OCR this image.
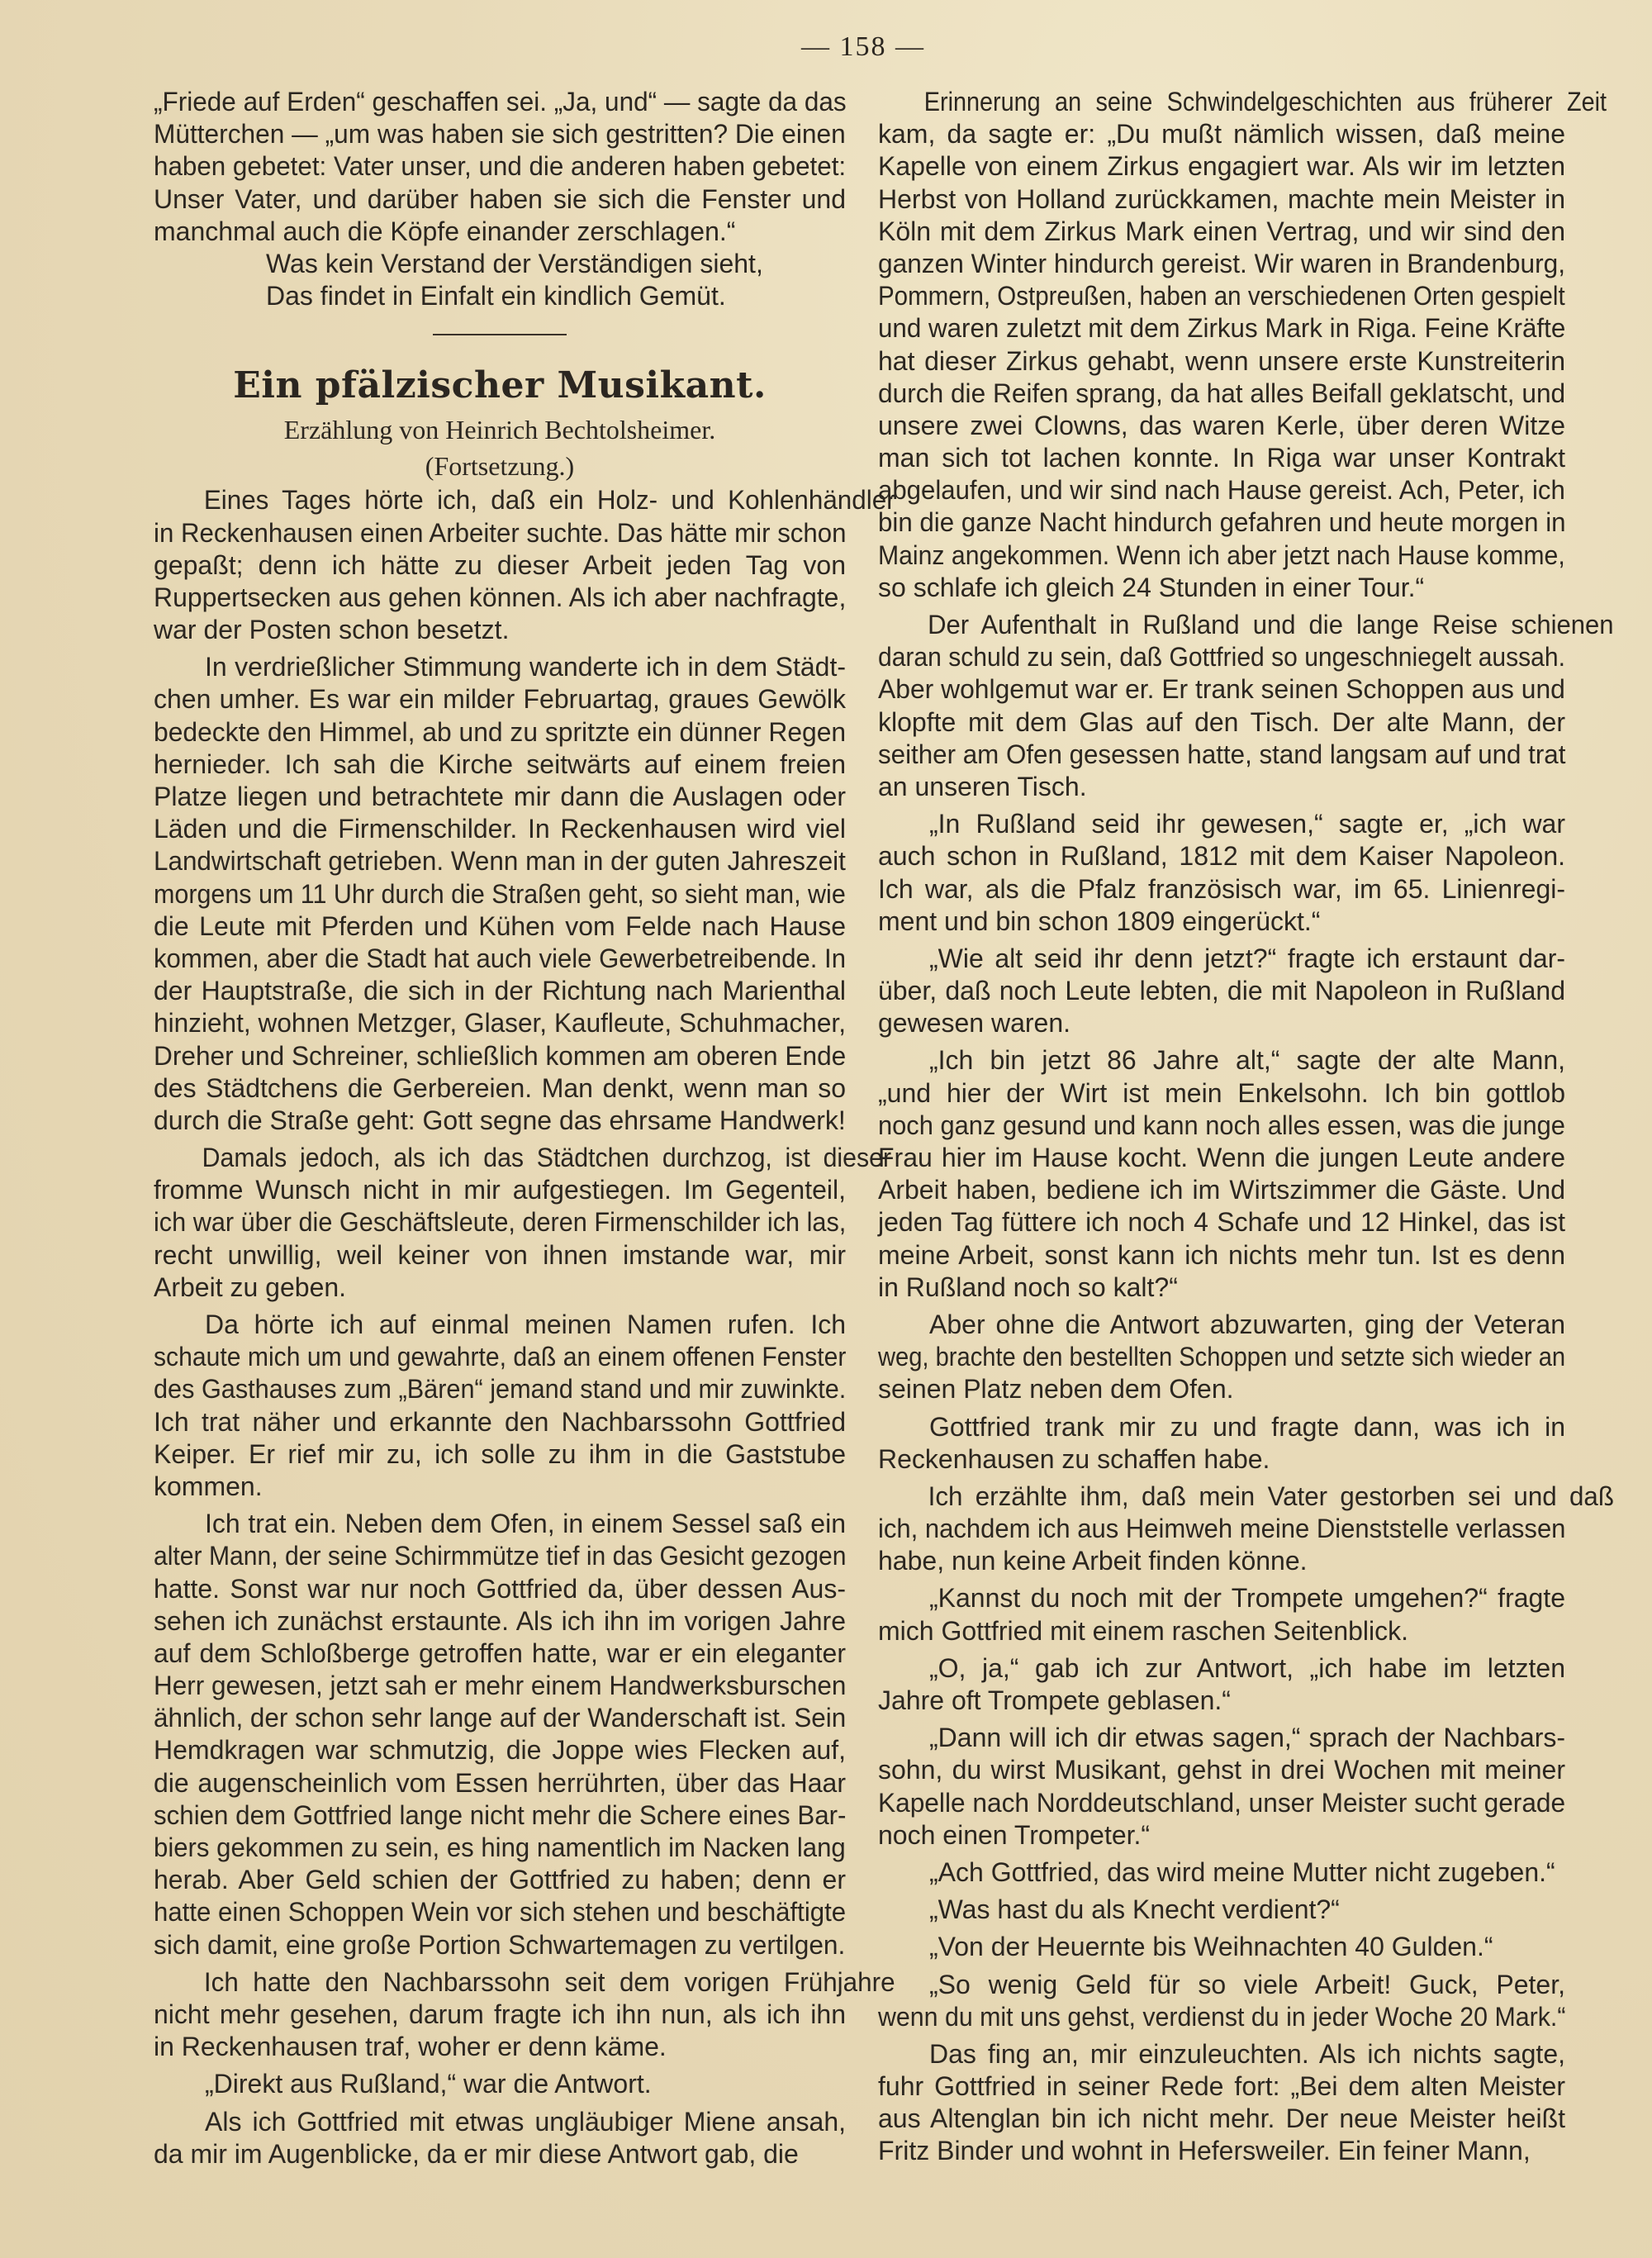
— 158 —
„Friede auf Erden“ geschaffen sei. „Ja, und“ — sagte da das
Mütterchen — „um was haben sie sich gestritten? Die einen
haben gebetet: Vater unser, und die anderen haben gebetet:
Unser Vater, und darüber haben sie sich die Fenster und
manchmal auch die Köpfe einander zerschlagen.“
Was kein Verstand der Verständigen sieht,
Das findet in Einfalt ein kindlich Gemüt.
Ein pfälzischer Musikant.
Erzählung von Heinrich Bechtolsheimer.
(Fortsetzung.)
Eines Tages hörte ich, daß ein Holz- und Kohlenhändler
in Reckenhausen einen Arbeiter suchte. Das hätte mir schon
gepaßt; denn ich hätte zu dieser Arbeit jeden Tag von
Ruppertsecken aus gehen können. Als ich aber nachfragte,
war der Posten schon besetzt.
In verdrießlicher Stimmung wanderte ich in dem Städt-
chen umher. Es war ein milder Februartag, graues Gewölk
bedeckte den Himmel, ab und zu spritzte ein dünner Regen
hernieder. Ich sah die Kirche seitwärts auf einem freien
Platze liegen und betrachtete mir dann die Auslagen oder
Läden und die Firmenschilder. In Reckenhausen wird viel
Landwirtschaft getrieben. Wenn man in der guten Jahreszeit
morgens um 11 Uhr durch die Straßen geht, so sieht man, wie
die Leute mit Pferden und Kühen vom Felde nach Hause
kommen, aber die Stadt hat auch viele Gewerbetreibende. In
der Hauptstraße, die sich in der Richtung nach Marienthal
hinzieht, wohnen Metzger, Glaser, Kaufleute, Schuhmacher,
Dreher und Schreiner, schließlich kommen am oberen Ende
des Städtchens die Gerbereien. Man denkt, wenn man so
durch die Straße geht: Gott segne das ehrsame Handwerk!
Damals jedoch, als ich das Städtchen durchzog, ist dieser
fromme Wunsch nicht in mir aufgestiegen. Im Gegenteil,
ich war über die Geschäftsleute, deren Firmenschilder ich las,
recht unwillig, weil keiner von ihnen imstande war, mir
Arbeit zu geben.
Da hörte ich auf einmal meinen Namen rufen. Ich
schaute mich um und gewahrte, daß an einem offenen Fenster
des Gasthauses zum „Bären“ jemand stand und mir zuwinkte.
Ich trat näher und erkannte den Nachbarssohn Gottfried
Keiper. Er rief mir zu, ich solle zu ihm in die Gaststube
kommen.
Ich trat ein. Neben dem Ofen, in einem Sessel saß ein
alter Mann, der seine Schirmmütze tief in das Gesicht gezogen
hatte. Sonst war nur noch Gottfried da, über dessen Aus-
sehen ich zunächst erstaunte. Als ich ihn im vorigen Jahre
auf dem Schloßberge getroffen hatte, war er ein eleganter
Herr gewesen, jetzt sah er mehr einem Handwerksburschen
ähnlich, der schon sehr lange auf der Wanderschaft ist. Sein
Hemdkragen war schmutzig, die Joppe wies Flecken auf,
die augenscheinlich vom Essen herrührten, über das Haar
schien dem Gottfried lange nicht mehr die Schere eines Bar-
biers gekommen zu sein, es hing namentlich im Nacken lang
herab. Aber Geld schien der Gottfried zu haben; denn er
hatte einen Schoppen Wein vor sich stehen und beschäftigte
sich damit, eine große Portion Schwartemagen zu vertilgen.
Ich hatte den Nachbarssohn seit dem vorigen Frühjahre
nicht mehr gesehen, darum fragte ich ihn nun, als ich ihn
in Reckenhausen traf, woher er denn käme.
„Direkt aus Rußland,“ war die Antwort.
Als ich Gottfried mit etwas ungläubiger Miene ansah,
da mir im Augenblicke, da er mir diese Antwort gab, die
Erinnerung an seine Schwindelgeschichten aus früherer Zeit
kam, da sagte er: „Du mußt nämlich wissen, daß meine
Kapelle von einem Zirkus engagiert war. Als wir im letzten
Herbst von Holland zurückkamen, machte mein Meister in
Köln mit dem Zirkus Mark einen Vertrag, und wir sind den
ganzen Winter hindurch gereist. Wir waren in Brandenburg,
Pommern, Ostpreußen, haben an verschiedenen Orten gespielt
und waren zuletzt mit dem Zirkus Mark in Riga. Feine Kräfte
hat dieser Zirkus gehabt, wenn unsere erste Kunstreiterin
durch die Reifen sprang, da hat alles Beifall geklatscht, und
unsere zwei Clowns, das waren Kerle, über deren Witze
man sich tot lachen konnte. In Riga war unser Kontrakt
abgelaufen, und wir sind nach Hause gereist. Ach, Peter, ich
bin die ganze Nacht hindurch gefahren und heute morgen in
Mainz angekommen. Wenn ich aber jetzt nach Hause komme,
so schlafe ich gleich 24 Stunden in einer Tour.“
Der Aufenthalt in Rußland und die lange Reise schienen
daran schuld zu sein, daß Gottfried so ungeschniegelt aussah.
Aber wohlgemut war er. Er trank seinen Schoppen aus und
klopfte mit dem Glas auf den Tisch. Der alte Mann, der
seither am Ofen gesessen hatte, stand langsam auf und trat
an unseren Tisch.
„In Rußland seid ihr gewesen,“ sagte er, „ich war
auch schon in Rußland, 1812 mit dem Kaiser Napoleon.
Ich war, als die Pfalz französisch war, im 65. Linienregi-
ment und bin schon 1809 eingerückt.“
„Wie alt seid ihr denn jetzt?“ fragte ich erstaunt dar-
über, daß noch Leute lebten, die mit Napoleon in Rußland
gewesen waren.
„Ich bin jetzt 86 Jahre alt,“ sagte der alte Mann,
„und hier der Wirt ist mein Enkelsohn. Ich bin gottlob
noch ganz gesund und kann noch alles essen, was die junge
Frau hier im Hause kocht. Wenn die jungen Leute andere
Arbeit haben, bediene ich im Wirtszimmer die Gäste. Und
jeden Tag füttere ich noch 4 Schafe und 12 Hinkel, das ist
meine Arbeit, sonst kann ich nichts mehr tun. Ist es denn
in Rußland noch so kalt?“
Aber ohne die Antwort abzuwarten, ging der Veteran
weg, brachte den bestellten Schoppen und setzte sich wieder an
seinen Platz neben dem Ofen.
Gottfried trank mir zu und fragte dann, was ich in
Reckenhausen zu schaffen habe.
Ich erzählte ihm, daß mein Vater gestorben sei und daß
ich, nachdem ich aus Heimweh meine Dienststelle verlassen
habe, nun keine Arbeit finden könne.
„Kannst du noch mit der Trompete umgehen?“ fragte
mich Gottfried mit einem raschen Seitenblick.
„O, ja,“ gab ich zur Antwort, „ich habe im letzten
Jahre oft Trompete geblasen.“
„Dann will ich dir etwas sagen,“ sprach der Nachbars-
sohn, du wirst Musikant, gehst in drei Wochen mit meiner
Kapelle nach Norddeutschland, unser Meister sucht gerade
noch einen Trompeter.“
„Ach Gottfried, das wird meine Mutter nicht zugeben.“
„Was hast du als Knecht verdient?“
„Von der Heuernte bis Weihnachten 40 Gulden.“
„So wenig Geld für so viele Arbeit! Guck, Peter,
wenn du mit uns gehst, verdienst du in jeder Woche 20 Mark.“
Das fing an, mir einzuleuchten. Als ich nichts sagte,
fuhr Gottfried in seiner Rede fort: „Bei dem alten Meister
aus Altenglan bin ich nicht mehr. Der neue Meister heißt
Fritz Binder und wohnt in Hefersweiler. Ein feiner Mann,
